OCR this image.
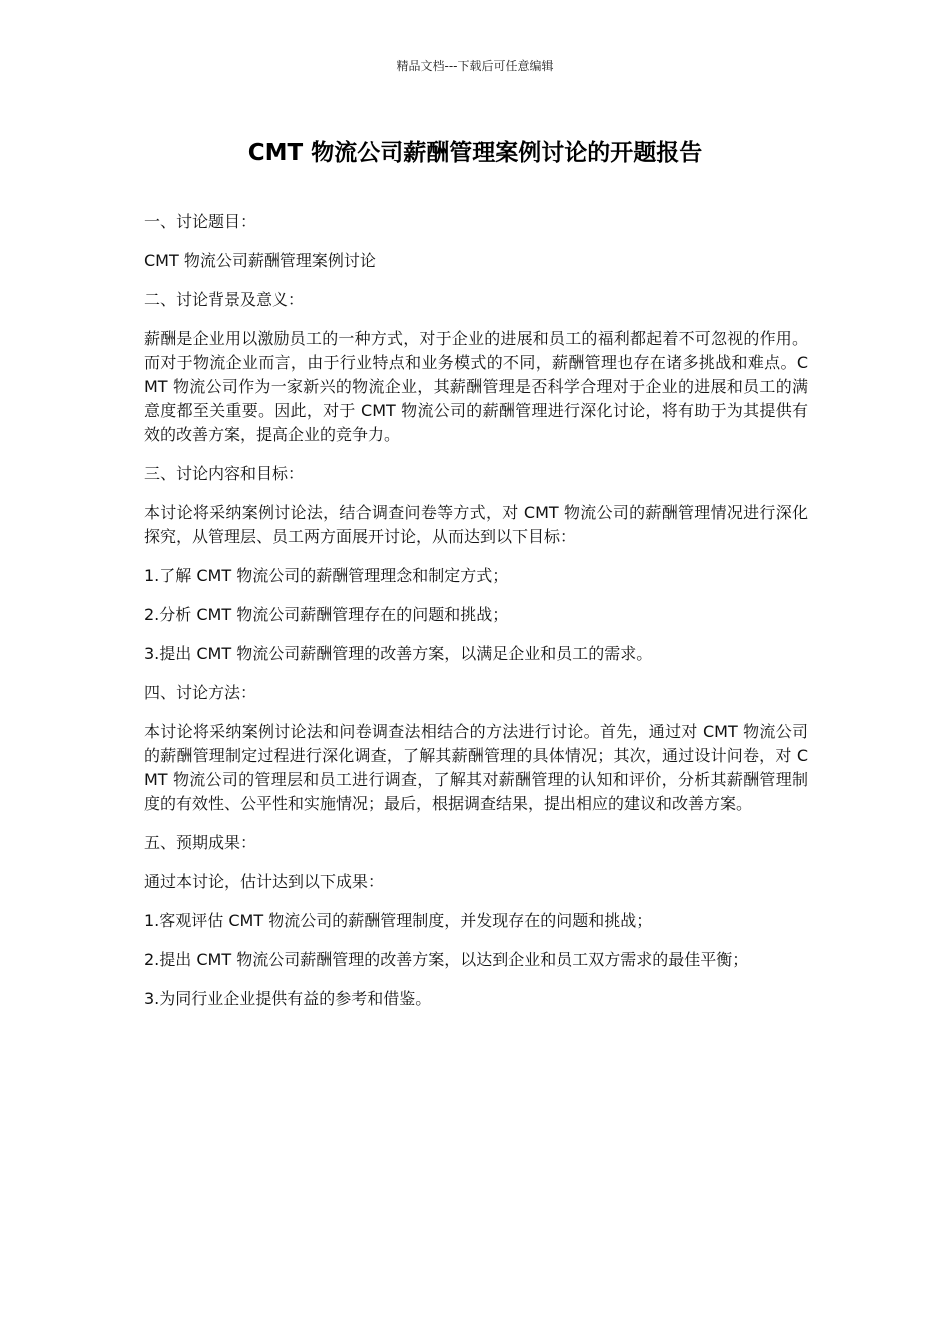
精品文档---下载后可任意编辑
CMT 物流公司薪酬管理案例讨论的开题报告

一、讨论题目：

CMT 物流公司薪酬管理案例讨论

二、讨论背景及意义：

薪酬是企业用以激励员工的一种方式，对于企业的进展和员工的福利都起着不可忽视的作用。而对于物流企业而言，由于行业特点和业务模式的不同，薪酬管理也存在诸多挑战和难点。CMT 物流公司作为一家新兴的物流企业，其薪酬管理是否科学合理对于企业的进展和员工的满意度都至关重要。因此，对于 CMT 物流公司的薪酬管理进行深化讨论，将有助于为其提供有效的改善方案，提高企业的竞争力。

三、讨论内容和目标：

本讨论将采纳案例讨论法，结合调查问卷等方式，对 CMT 物流公司的薪酬管理情况进行深化探究，从管理层、员工两方面展开讨论，从而达到以下目标：

1.了解 CMT 物流公司的薪酬管理理念和制定方式；

2.分析 CMT 物流公司薪酬管理存在的问题和挑战；

3.提出 CMT 物流公司薪酬管理的改善方案，以满足企业和员工的需求。

四、讨论方法：

本讨论将采纳案例讨论法和问卷调查法相结合的方法进行讨论。首先，通过对 CMT 物流公司的薪酬管理制定过程进行深化调查，了解其薪酬管理的具体情况；其次，通过设计问卷，对 CMT 物流公司的管理层和员工进行调查，了解其对薪酬管理的认知和评价，分析其薪酬管理制度的有效性、公平性和实施情况；最后，根据调查结果，提出相应的建议和改善方案。

五、预期成果：

通过本讨论，估计达到以下成果：

1.客观评估 CMT 物流公司的薪酬管理制度，并发现存在的问题和挑战；

2.提出 CMT 物流公司薪酬管理的改善方案，以达到企业和员工双方需求的最佳平衡；

3.为同行业企业提供有益的参考和借鉴。
